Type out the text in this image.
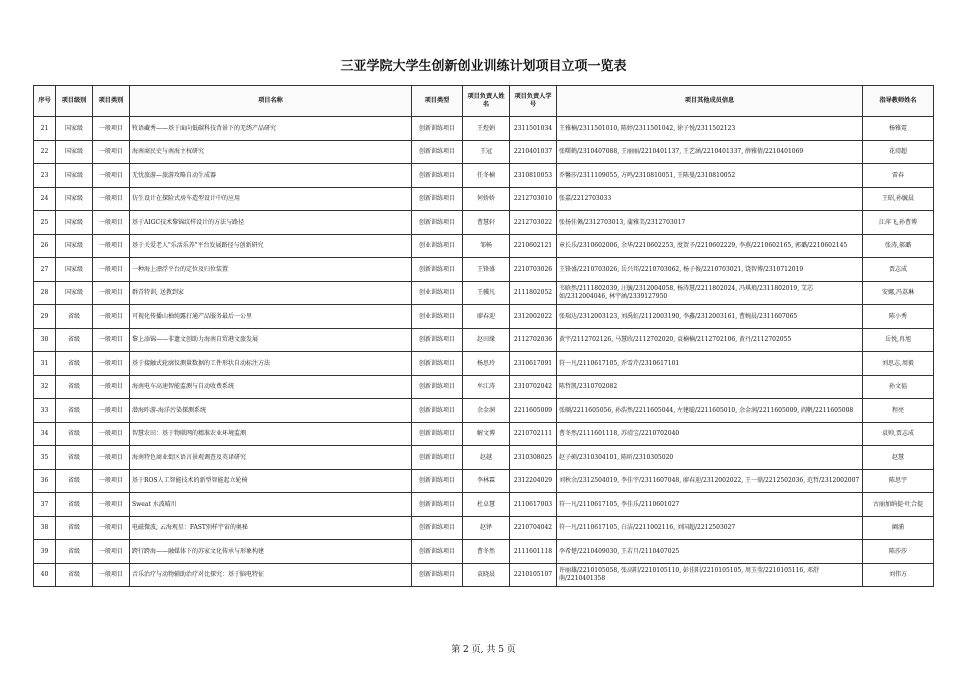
三亚学院大学生创新创业训练计划项目立项一览表
序号	项目级别	项目类别	项目名称	项目类型	项目负责人姓名	项目负责人学号	项目其他成员信息	指导教师姓名
21	国家级	一般项目	牧语藏秀——基于面向低碳科技背景下的羌绣产品研究	创新训练项目	王煜娟	2311501034	王雅楠/2311501010, 陈婷/2311501042, 徐子悦/2311502123	杨雅霓
22	国家级	一般项目	海南商民史与南海主权研究	创新训练项目	王冠	2210401037	张曙鹤/2310407088, 王丽丽/2210401137, 王艺涵/2210401337, 薛雅倩/2210401069	花靖超
23	国家级	一般项目	无忧旅游—旅游攻略自动生成器	创新训练项目	任冬楠	2310810053	乔馨莎/2311109055, 方鸣/2310810051, 王陈曼/2310810052	雷春
24	国家级	一般项目	仿生设计在探险式房车造型设计中的应用	创新训练项目	何娇娇	2212703010	张嘉/2212703033	王昭,孙毓晨
25	国家级	一般项目	基于AIGC技术黎锦纹样设计的方法与路径	创新训练项目	曹慧轩	2212703022	张扬佳佩/2312703013, 蒲雅美/2312703017	江萍飞,孙曹博
26	国家级	一般项目	基于关爱老人"乐活乐养"平台发展路径与创新研究	创业训练项目	邹畅	2210602121	章长乐/2310602006, 余华/2210602253, 度贺予/2210602229, 李燕/2210602165, 郭璐/2210602145	张涛,郝璐
27	国家级	一般项目	一种海上漂浮平台的定位及归位装置	创新训练项目	王锋盛	2210703026	王锋盛/2210703026, 岳兴邦/2210703062, 杨子俊/2210703021, 饶智博/2310712019	贾志成
28	国家级	一般项目	群青特训, 送教到家	创业训练项目	王骥凡	2111802052	韦晗然/2111802039, 汪毓/2312004058, 杨涛慧/2211802024, 冯琪琅/2311802019, 艾芯如/2312004046, 林宇涵/2339127950	安娜,冯荔琳
29	省级	一般项目	可视化传播山柚纯露打通产品服务最后一公里	创业训练项目	廖春迎	2312002022	张瑞达/2312003123, 刘禹虹/2112003190, 李鑫/2312003161, 曹婉晨/2311607065	陈小秀
30	省级	一般项目	黎上添锦——非遗文创助力海南自贸港文旅发展	创新训练项目	赵田缘	2112702036	黄宇/2112702126, 马慧欣/2112702020, 袁楠楠/2112702106, 黄丹/2112702055	岳悦,冉旭
31	省级	一般项目	基于接触式轮廓仪测量数据的工件形状自动标注方法	创新训练项目	杨思玲	2310617091	符一凡/2110617105, 乔雪芹/2310617101	刘思志,周毅
32	省级	一般项目	海南电车高速智能监测与自动收费系统	创新训练项目	牟江涛	2310702042	陈哲凯/2310702082	孙文福
33	省级	一般项目	潜海昨游-海洋污染探测系统	创新训练项目	余金润	2211605009	张顺/2211605056, 孙浩然/2211605044, 左建聪/2211605010, 余金润/2211605009, 阎帆/2211605008	程亮
34	省级	一般项目	智慧农田：基于物联网的精准农业环境监测	创新训练项目	解文博	2210702111	曹冬然/2111601118, 苏靖宝/2210702040	袁帅,贾志成
35	省级	一般项目	海南特色商业街区语言景观调查及英译研究	创新训练项目	赵越	2310308025	赵子硕/2310304101, 陈昕/2310305020	赵慧
36	省级	一般项目	基于ROS人工智能技术的新型智能起立轮椅	创新训练项目	李林霖	2312204029	刘秋余/2312504019, 李佳宇/2311607048, 廖春迎/2312002022, 王一鼎/2212502036, 范哲/2312002007	陈思宇
37	省级	一般项目	Sweat 水波晴川	创新训练项目	杜卓慧	2110617003	符一凡/2110617105, 李佳乐/2110601027	古丽加纳提·吐合提
38	省级	一般项目	电磁微波, 云海观星：FAST别样宇宙的奥秘	创新训练项目	赵铎	2210704042	符一凡/2110617105, 白洁/2211002116, 刘国超/2212503027	阚浦
39	省级	一般项目	跨行跨海——融媒体下的苏家文化传承与形象构建	创新训练项目	曹冬然	2111601118	李希楚/2210409030, 王若月/2110407025	陈莎莎
40	省级	一般项目	音乐治疗与动物辅助治疗对比探究：基于脑电特征	创新训练项目	袁晓晨	2210105107	许丽雄/2210105058, 张高阳/2210105110, 彭佳阳/2210105105, 周玉莹/2210105116, 邓舒萌/2210401358	刘伟方
第 2 页, 共 5 页
